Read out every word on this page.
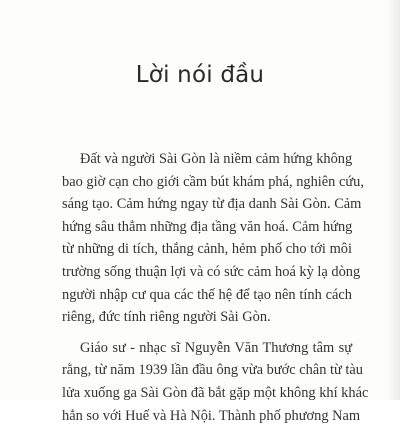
Lời nói đầu

Đất và người Sài Gòn là niềm cảm hứng không
bao giờ cạn cho giới cầm bút khám phá, nghiên cứu,
sáng tạo. Cảm hứng ngay từ địa danh Sài Gòn. Cảm
hứng sâu thẳm những địa tầng văn hoá. Cảm hứng
từ những di tích, thắng cảnh, hẻm phố cho tới môi
trường sống thuận lợi và có sức cảm hoá kỳ lạ dòng
người nhập cư qua các thế hệ để tạo nên tính cách
riêng, đức tính riêng người Sài Gòn.

Giáo sư - nhạc sĩ Nguyễn Văn Thương tâm sự
rằng, từ năm 1939 lần đầu ông vừa bước chân từ tàu
lửa xuống ga Sài Gòn đã bắt gặp một không khí khác
hẳn so với Huế và Hà Nội. Thành phố phương Nam
